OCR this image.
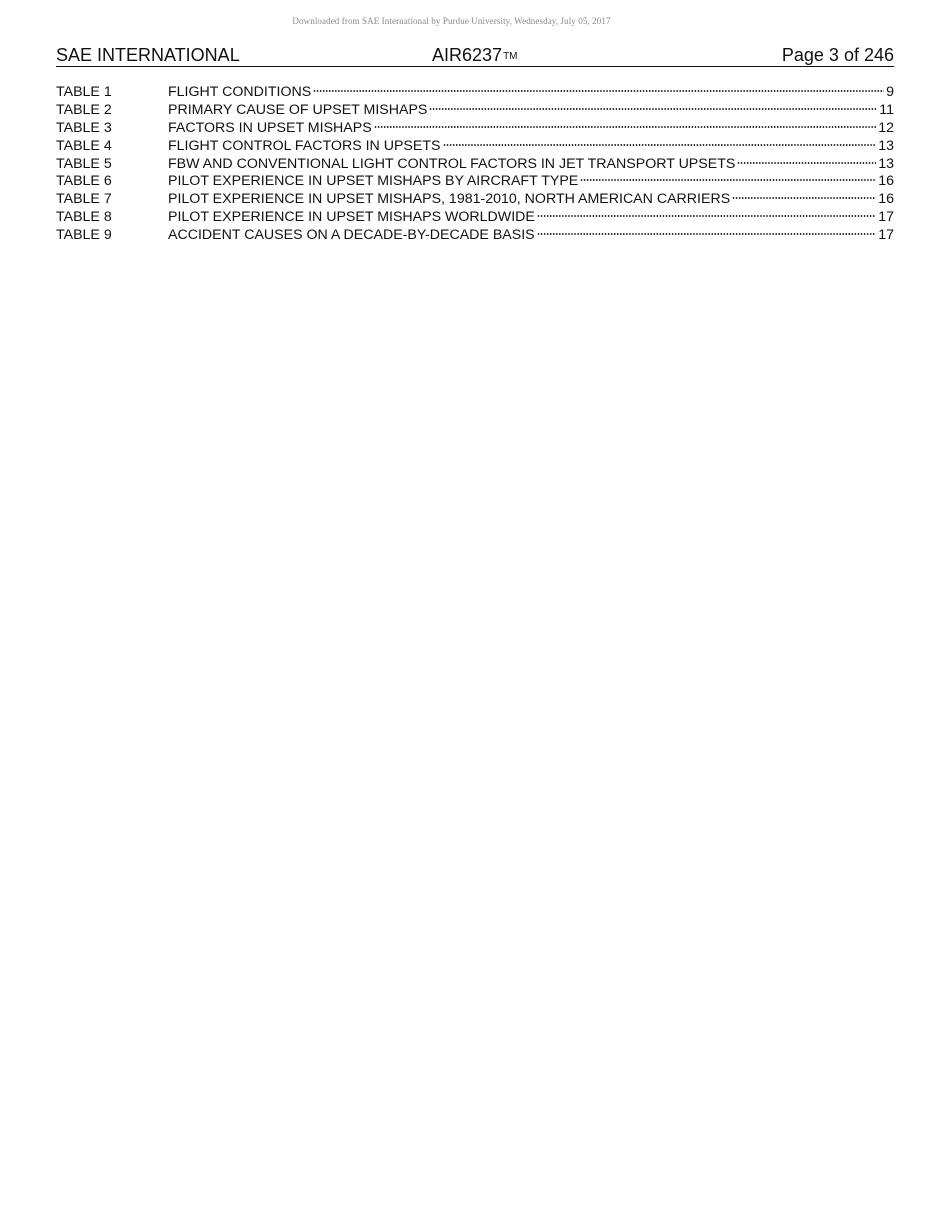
Downloaded from SAE International by Purdue University, Wednesday, July 05, 2017
SAE INTERNATIONAL	AIR6237TM	Page 3 of 246
TABLE 1	FLIGHT CONDITIONS	9
TABLE 2	PRIMARY CAUSE OF UPSET MISHAPS	11
TABLE 3	FACTORS IN UPSET MISHAPS	12
TABLE 4	FLIGHT CONTROL FACTORS IN UPSETS	13
TABLE 5	FBW AND CONVENTIONAL LIGHT CONTROL FACTORS IN JET TRANSPORT UPSETS	13
TABLE 6	PILOT EXPERIENCE IN UPSET MISHAPS BY AIRCRAFT TYPE	16
TABLE 7	PILOT EXPERIENCE IN UPSET MISHAPS, 1981-2010, NORTH AMERICAN CARRIERS	16
TABLE 8	PILOT EXPERIENCE IN UPSET MISHAPS WORLDWIDE	17
TABLE 9	ACCIDENT CAUSES ON A DECADE-BY-DECADE BASIS	17
